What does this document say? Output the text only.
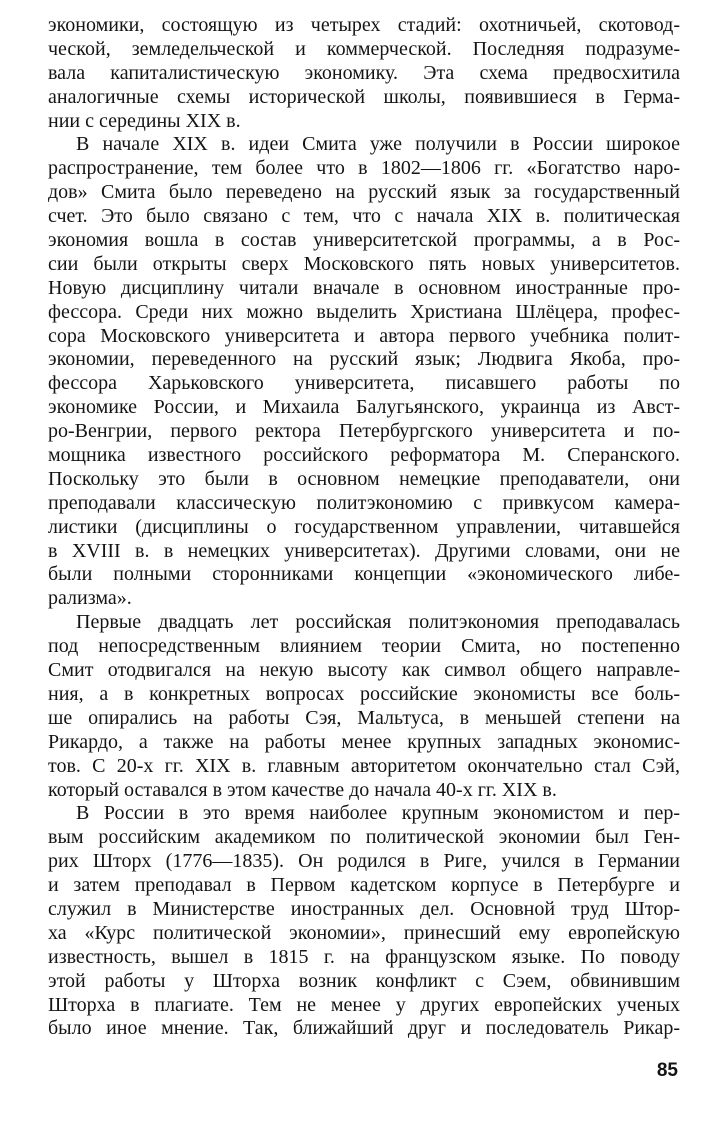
экономики, состоящую из четырех стадий: охотничьей, скотовод-
ческой, земледельческой и коммерческой. Последняя подразуме-
вала капиталистическую экономику. Эта схема предвосхитила
аналогичные схемы исторической школы, появившиеся в Герма-
нии с середины XIX в.
В начале XIX в. идеи Смита уже получили в России широкое
распространение, тем более что в 1802—1806 гг. «Богатство наро-
дов» Смита было переведено на русский язык за государственный
счет. Это было связано с тем, что с начала XIX в. политическая
экономия вошла в состав университетской программы, а в Рос-
сии были открыты сверх Московского пять новых университетов.
Новую дисциплину читали вначале в основном иностранные про-
фессора. Среди них можно выделить Христиана Шлёцера, профес-
сора Московского университета и автора первого учебника полит-
экономии, переведенного на русский язык; Людвига Якоба, про-
фессора Харьковского университета, писавшего работы по
экономике России, и Михаила Балугьянского, украинца из Авст-
ро-Венгрии, первого ректора Петербургского университета и по-
мощника известного российского реформатора М. Сперанского.
Поскольку это были в основном немецкие преподаватели, они
преподавали классическую политэкономию с привкусом камера-
листики (дисциплины о государственном управлении, читавшейся
в XVIII в. в немецких университетах). Другими словами, они не
были полными сторонниками концепции «экономического либе-
рализма».
Первые двадцать лет российская политэкономия преподавалась
под непосредственным влиянием теории Смита, но постепенно
Смит отодвигался на некую высоту как символ общего направле-
ния, а в конкретных вопросах российские экономисты все боль-
ше опирались на работы Сэя, Мальтуса, в меньшей степени на
Рикардо, а также на работы менее крупных западных экономис-
тов. С 20-х гг. XIX в. главным авторитетом окончательно стал Сэй,
который оставался в этом качестве до начала 40-х гг. XIX в.
В России в это время наиболее крупным экономистом и пер-
вым российским академиком по политической экономии был Ген-
рих Шторх (1776—1835). Он родился в Риге, учился в Германии
и затем преподавал в Первом кадетском корпусе в Петербурге и
служил в Министерстве иностранных дел. Основной труд Штор-
ха «Курс политической экономии», принесший ему европейскую
известность, вышел в 1815 г. на французском языке. По поводу
этой работы у Шторха возник конфликт с Сэем, обвинившим
Шторха в плагиате. Тем не менее у других европейских ученых
было иное мнение. Так, ближайший друг и последователь Рикар-
85
